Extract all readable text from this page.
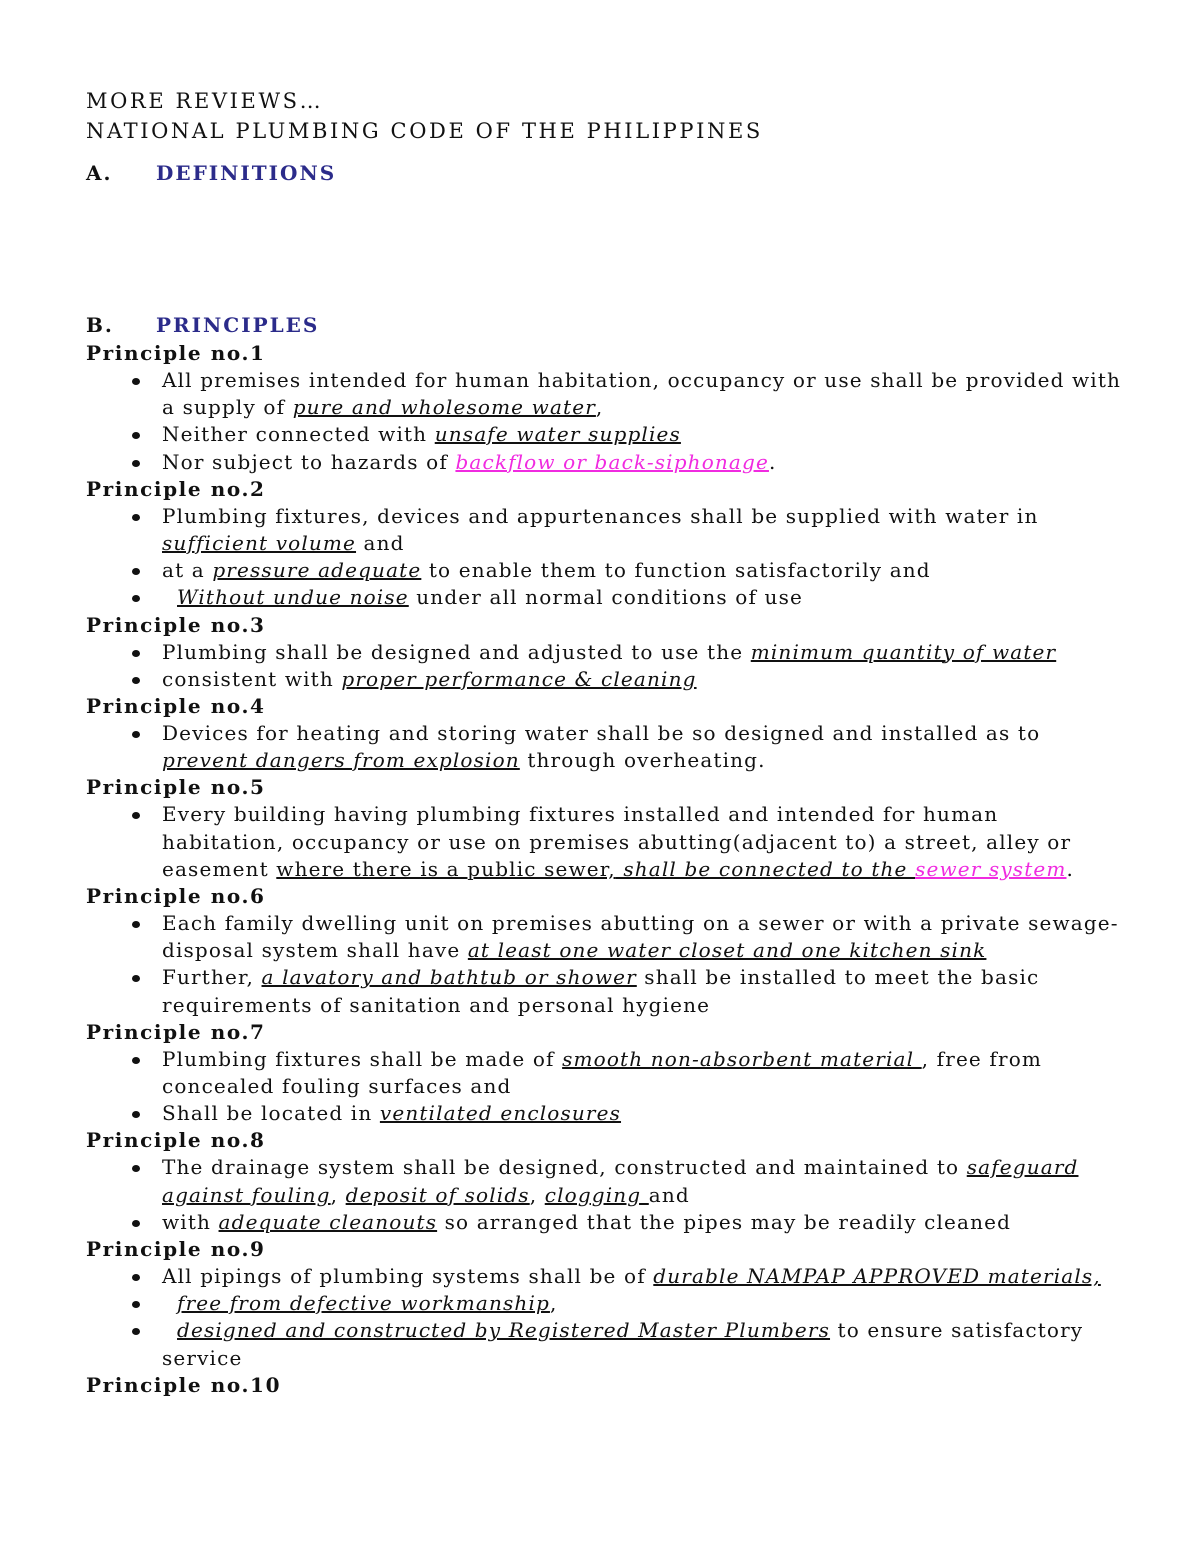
MORE REVIEWS…

NATIONAL PLUMBING CODE OF THE PHILIPPINES

A.	DEFINITIONS
B.	PRINCIPLES

Principle no.1

All premises intended for human habitation, occupancy or use shall be provided with a supply of pure and wholesome water,
Neither connected with unsafe water supplies
Nor subject to hazards of backflow or back-siphonage.

Principle no.2

Plumbing fixtures, devices and appurtenances shall be supplied with water in sufficient volume and
at a pressure adequate to enable them to function satisfactorily and
Without undue noise under all normal conditions of use

Principle no.3

Plumbing shall be designed and adjusted to use the minimum quantity of water
consistent with proper performance & cleaning

Principle no.4

Devices for heating and storing water shall be so designed and installed as to prevent dangers from explosion through overheating.

Principle no.5

Every building having plumbing fixtures installed and intended for human habitation, occupancy or use on premises abutting(adjacent to) a street, alley or easement where there is a public sewer, shall be connected to the sewer system.

Principle no.6

Each family dwelling unit on premises abutting on a sewer or with a private sewage-disposal system shall have at least one water closet and one kitchen sink
Further, a lavatory and bathtub or shower shall be installed to meet the basic requirements of sanitation and personal hygiene

Principle no.7

Plumbing fixtures shall be made of smooth non-absorbent material , free from concealed fouling surfaces and
Shall be located in ventilated enclosures

Principle no.8

The drainage system shall be designed, constructed and maintained to safeguard against fouling, deposit of solids, clogging and
with adequate cleanouts so arranged that the pipes may be readily cleaned

Principle no.9

All pipings of plumbing systems shall be of durable NAMPAP APPROVED materials,
free from defective workmanship,
designed and constructed by Registered Master Plumbers to ensure satisfactory service

Principle no.10
